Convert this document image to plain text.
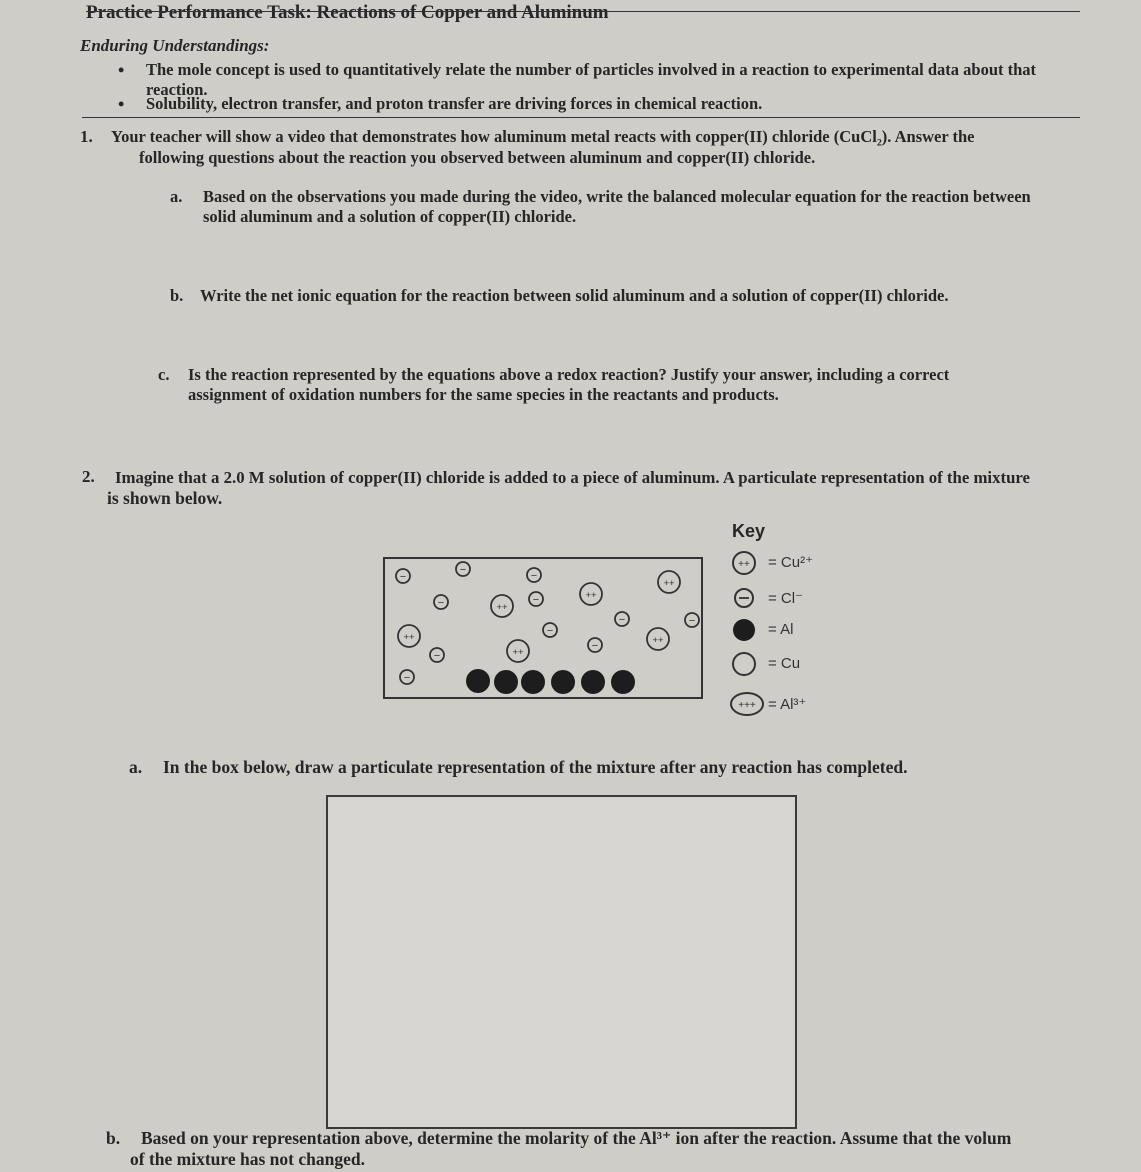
Practice Performance Task: Reactions of Copper and Aluminum
Enduring Understandings:
• The mole concept is used to quantitatively relate the number of particles involved in a reaction to experimental data about that
reaction.
• Solubility, electron transfer, and proton transfer are driving forces in chemical reaction.
1. Your teacher will show a video that demonstrates how aluminum metal reacts with copper(II) chloride (CuCl₂). Answer the
following questions about the reaction you observed between aluminum and copper(II) chloride.
a. Based on the observations you made during the video, write the balanced molecular equation for the reaction between
solid aluminum and a solution of copper(II) chloride.
b. Write the net ionic equation for the reaction between solid aluminum and a solution of copper(II) chloride.
c. Is the reaction represented by the equations above a redox reaction? Justify your answer, including a correct
assignment of oxidation numbers for the same species in the reactants and products.
2. Imagine that a 2.0 M solution of copper(II) chloride is added to a piece of aluminum. A particulate representation of the mixture
is shown below.
Key
++
+++
= Cu²⁺
= Cl⁻
= Al
= Cu
= Al³⁺
−
−	−
−	−
−	−
−
−
−
−
++
++
++
++
++
++
a. In the box below, draw a particulate representation of the mixture after any reaction has completed.
b. Based on your representation above, determine the molarity of the Al³⁺ ion after the reaction. Assume that the volum
of the mixture has not changed.
